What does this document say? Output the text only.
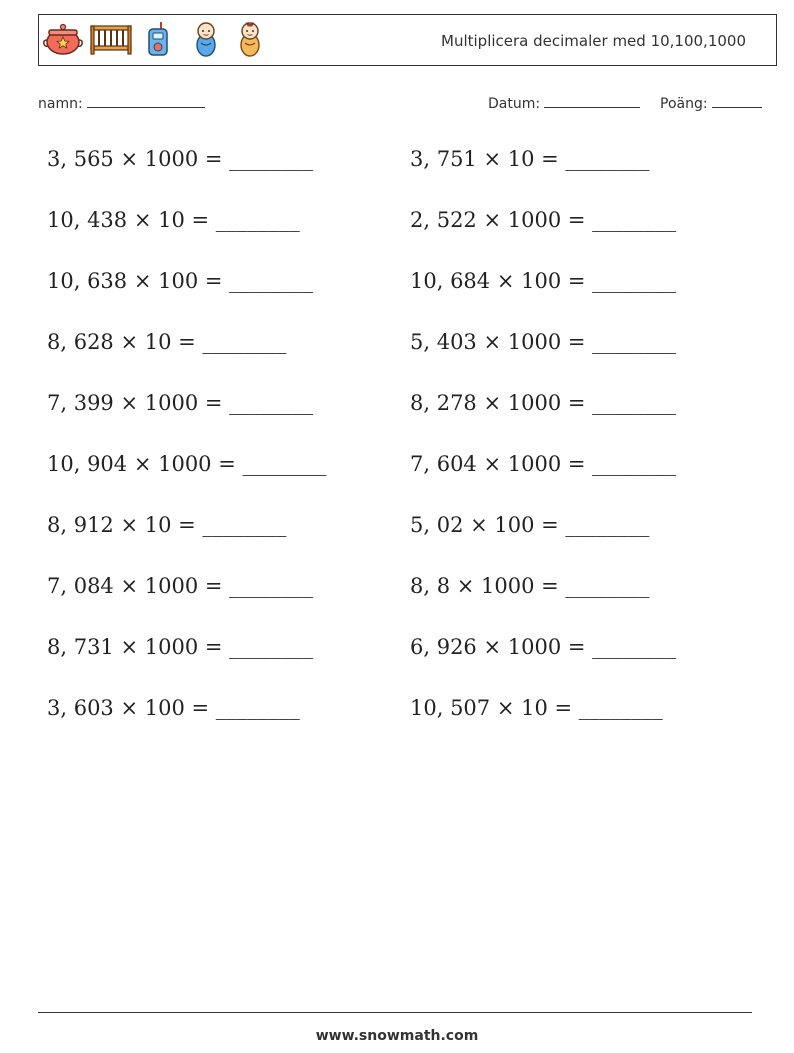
Multiplicera decimaler med 10,100,1000
namn:	Datum:	Poäng:
3, 565 × 1000 = ________	3, 751 × 10 = ________
10, 438 × 10 = ________	2, 522 × 1000 = ________
10, 638 × 100 = ________	10, 684 × 100 = ________
8, 628 × 10 = ________	5, 403 × 1000 = ________
7, 399 × 1000 = ________	8, 278 × 1000 = ________
10, 904 × 1000 = ________	7, 604 × 1000 = ________
8, 912 × 10 = ________	5, 02 × 100 = ________
7, 084 × 1000 = ________	8, 8 × 1000 = ________
8, 731 × 1000 = ________	6, 926 × 1000 = ________
3, 603 × 100 = ________	10, 507 × 10 = ________
www.snowmath.com
